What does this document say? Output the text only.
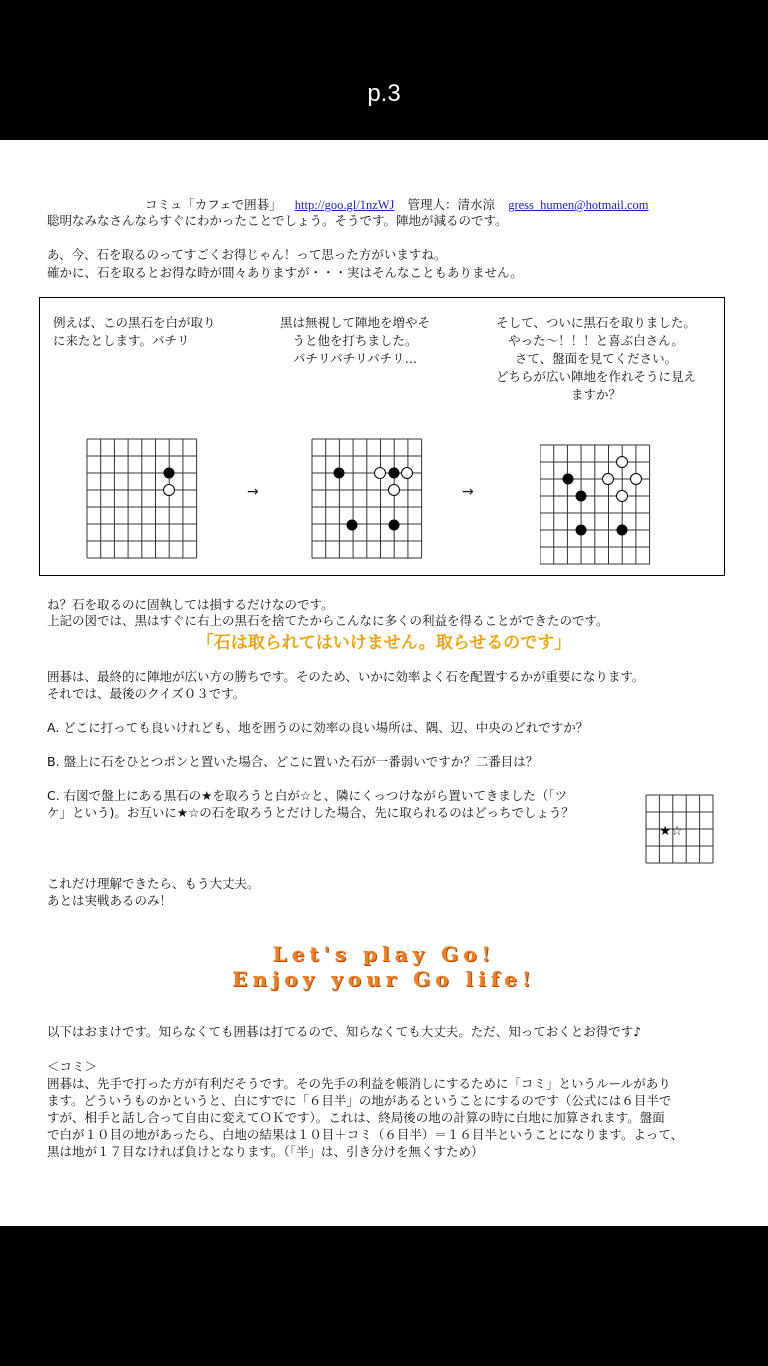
p.3
コミュ「カフェで囲碁」 http://goo.gl/1nzWJ 管理人：清水涼 gress_humen@hotmail.com
聡明なみなさんならすぐにわかったことでしょう。そうです。陣地が減るのです。
あ、今、石を取るのってすごくお得じゃん！って思った方がいますね。
確かに、石を取るとお得な時が間々ありますが・・・実はそんなこともありません。
例えば、この黒石を白が取り
に来たとします。パチリ
黒は無視して陣地を増やそ
うと他を打ちました。
パチリパチリパチリ…
そして、ついに黒石を取りました。
やった～！！！と喜ぶ白さん。
さて、盤面を見てください。
どちらが広い陣地を作れそうに見え
ますか？
→	→
ね？石を取るのに固執しては損するだけなのです。
上記の図では、黒はすぐに右上の黒石を捨てたからこんなに多くの利益を得ることができたのです。
「石は取られてはいけません。取らせるのです」
囲碁は、最終的に陣地が広い方の勝ちです。そのため、いかに効率よく石を配置するかが重要になります。
それでは、最後のクイズ０３です。
A. どこに打っても良いけれども、地を囲うのに効率の良い場所は、隅、辺、中央のどれですか？
B. 盤上に石をひとつポンと置いた場合、どこに置いた石が一番弱いですか？二番目は？
C. 右図で盤上にある黒石の★を取ろうと白が☆と、隣にくっつけながら置いてきました（「ツ
ケ」という)。お互いに★☆の石を取ろうとだけした場合、先に取られるのはどっちでしょう？
★☆
これだけ理解できたら、もう大丈夫。
あとは実戦あるのみ！
Let's play Go!
Enjoy your Go life!
以下はおまけです。知らなくても囲碁は打てるので、知らなくても大丈夫。ただ、知っておくとお得です♪
＜コミ＞
囲碁は、先手で打った方が有利だそうです。その先手の利益を帳消しにするために「コミ」というルールがあり
ます。どういうものかというと、白にすでに「６目半」の地があるということにするのです（公式には６目半で
すが、相手と話し合って自由に変えてＯＫです）。これは、終局後の地の計算の時に白地に加算されます。盤面
で白が１０目の地があったら、白地の結果は１０目＋コミ（６目半）＝１６目半ということになります。よって、
黒は地が１７目なければ負けとなります。（「半」は、引き分けを無くすため）
